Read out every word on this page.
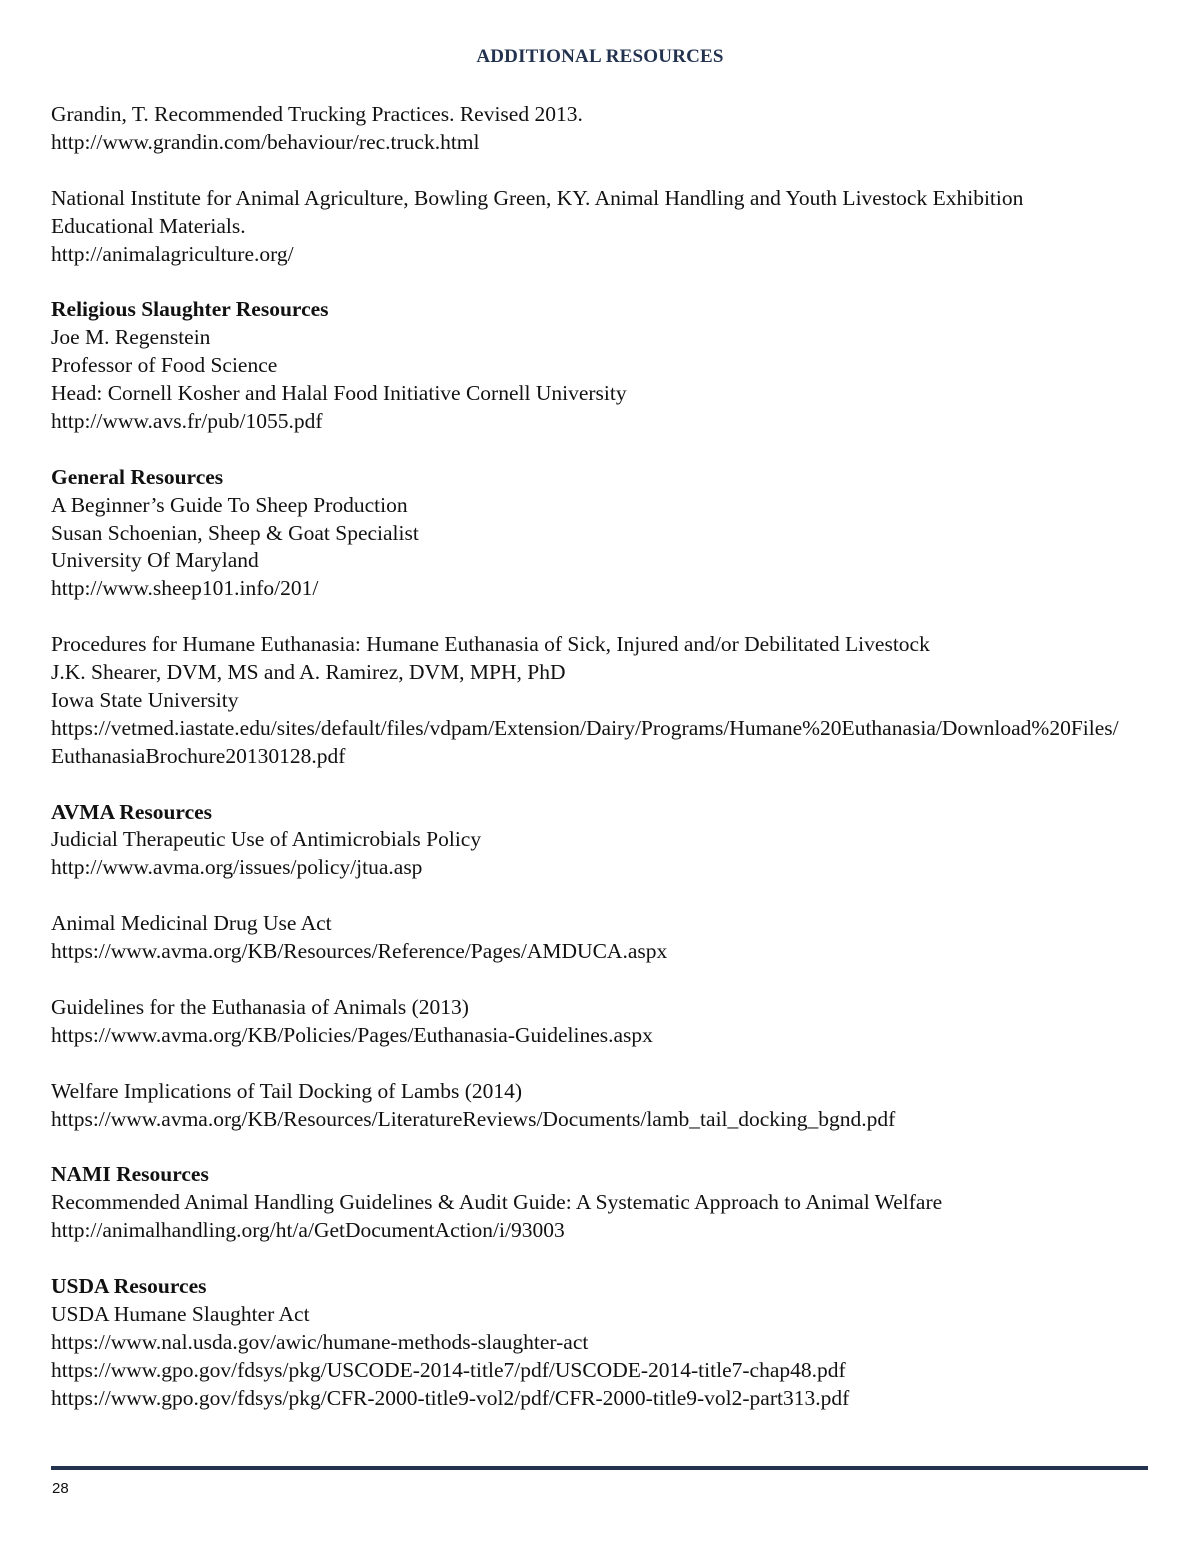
ADDITIONAL RESOURCES
Grandin, T. Recommended Trucking Practices. Revised 2013.
http://www.grandin.com/behaviour/rec.truck.html
National Institute for Animal Agriculture, Bowling Green, KY. Animal Handling and Youth Livestock Exhibition
Educational Materials.
http://animalagriculture.org/
Religious Slaughter Resources
Joe M. Regenstein
Professor of Food Science
Head: Cornell Kosher and Halal Food Initiative Cornell University
http://www.avs.fr/pub/1055.pdf
General Resources
A Beginner’s Guide To Sheep Production
Susan Schoenian, Sheep & Goat Specialist
University Of Maryland
http://www.sheep101.info/201/
Procedures for Humane Euthanasia: Humane Euthanasia of Sick, Injured and/or Debilitated Livestock
J.K. Shearer, DVM, MS and A. Ramirez, DVM, MPH, PhD
Iowa State University
https://vetmed.iastate.edu/sites/default/files/vdpam/Extension/Dairy/Programs/Humane%20Euthanasia/Download%20Files/
EuthanasiaBrochure20130128.pdf
AVMA Resources
Judicial Therapeutic Use of Antimicrobials Policy
http://www.avma.org/issues/policy/jtua.asp
Animal Medicinal Drug Use Act
https://www.avma.org/KB/Resources/Reference/Pages/AMDUCA.aspx
Guidelines for the Euthanasia of Animals (2013)
https://www.avma.org/KB/Policies/Pages/Euthanasia-Guidelines.aspx
Welfare Implications of Tail Docking of Lambs (2014)
https://www.avma.org/KB/Resources/LiteratureReviews/Documents/lamb_tail_docking_bgnd.pdf
NAMI Resources
Recommended Animal Handling Guidelines & Audit Guide: A Systematic Approach to Animal Welfare
http://animalhandling.org/ht/a/GetDocumentAction/i/93003
USDA Resources
USDA Humane Slaughter Act
https://www.nal.usda.gov/awic/humane-methods-slaughter-act
https://www.gpo.gov/fdsys/pkg/USCODE-2014-title7/pdf/USCODE-2014-title7-chap48.pdf
https://www.gpo.gov/fdsys/pkg/CFR-2000-title9-vol2/pdf/CFR-2000-title9-vol2-part313.pdf
28
